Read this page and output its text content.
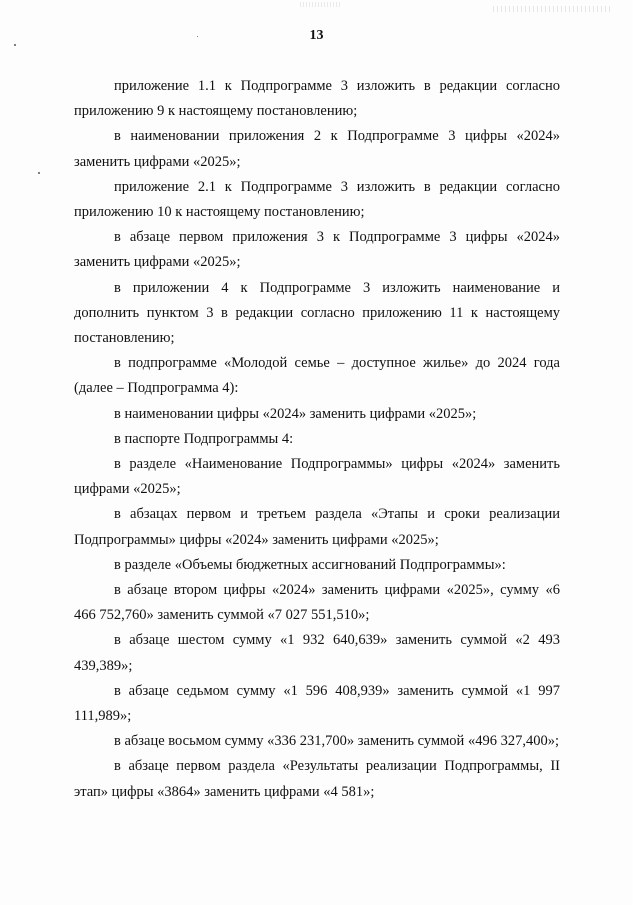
13

приложение 1.1 к Подпрограмме 3 изложить в редакции согласно приложению 9 к настоящему постановлению;

в наименовании приложения 2 к Подпрограмме 3 цифры «2024» заменить цифрами «2025»;

приложение 2.1 к Подпрограмме 3 изложить в редакции согласно приложению 10 к настоящему постановлению;

в абзаце первом приложения 3 к Подпрограмме 3 цифры «2024» заменить цифрами «2025»;

в приложении 4 к Подпрограмме 3 изложить наименование и дополнить пунктом 3 в редакции согласно приложению 11 к настоящему постановлению;

в подпрограмме «Молодой семье – доступное жилье» до 2024 года (далее – Подпрограмма 4):

в наименовании цифры «2024» заменить цифрами «2025»;

в паспорте Подпрограммы 4:

в разделе «Наименование Подпрограммы» цифры «2024» заменить цифрами «2025»;

в абзацах первом и третьем раздела «Этапы и сроки реализации Подпрограммы» цифры «2024» заменить цифрами «2025»;

в разделе «Объемы бюджетных ассигнований Подпрограммы»:

в абзаце втором цифры «2024» заменить цифрами «2025», сумму «6 466 752,760» заменить суммой «7 027 551,510»;

в абзаце шестом сумму «1 932 640,639» заменить суммой «2 493 439,389»;

в абзаце седьмом сумму «1 596 408,939» заменить суммой «1 997 111,989»;

в абзаце восьмом сумму «336 231,700» заменить суммой «496 327,400»;

в абзаце первом раздела «Результаты реализации Подпрограммы, II этап» цифры «3864» заменить цифрами «4 581»;
